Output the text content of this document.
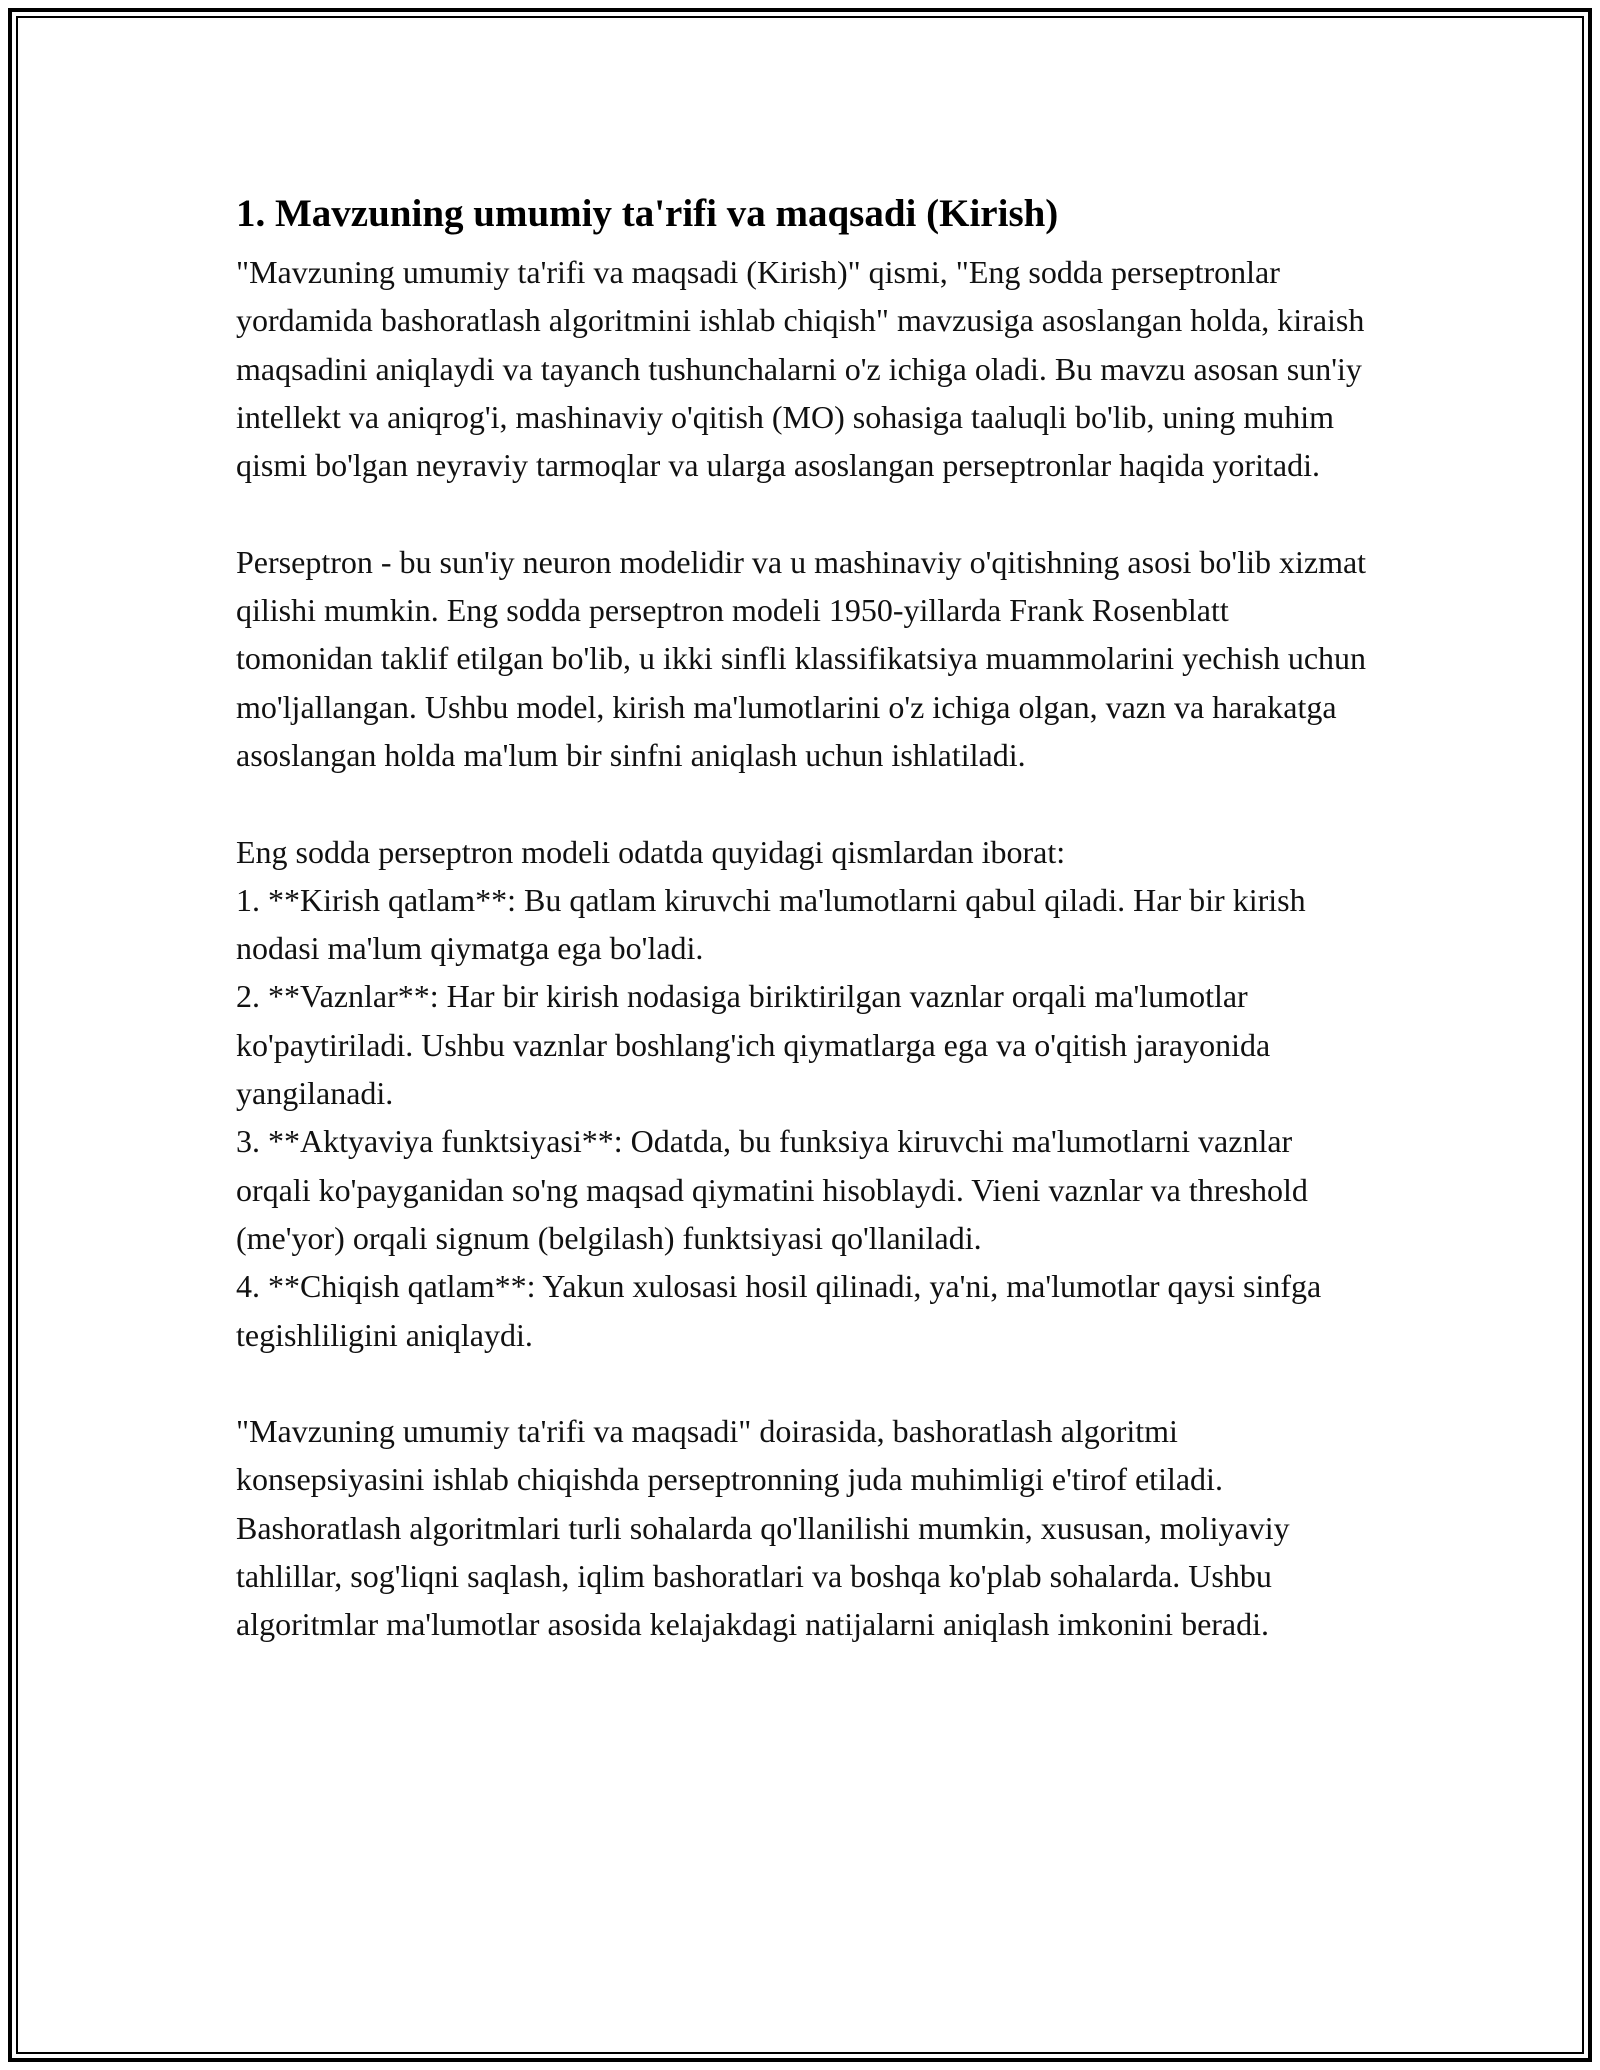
1. Mavzuning umumiy ta'rifi va maqsadi (Kirish)

"Mavzuning umumiy ta'rifi va maqsadi (Kirish)" qismi, "Eng sodda perseptronlar yordamida bashoratlash algoritmini ishlab chiqish" mavzusiga asoslangan holda, kiraish maqsadini aniqlaydi va tayanch tushunchalarni o'z ichiga oladi. Bu mavzu asosan sun'iy intellekt va aniqrog'i, mashinaviy o'qitish (MO) sohasiga taaluqli bo'lib, uning muhim qismi bo'lgan neyraviy tarmoqlar va ularga asoslangan perseptronlar haqida yoritadi.

Perseptron - bu sun'iy neuron modelidir va u mashinaviy o'qitishning asosi bo'lib xizmat qilishi mumkin. Eng sodda perseptron modeli 1950-yillarda Frank Rosenblatt tomonidan taklif etilgan bo'lib, u ikki sinfli klassifikatsiya muammolarini yechish uchun mo'ljallangan. Ushbu model, kirish ma'lumotlarini o'z ichiga olgan, vazn va harakatga asoslangan holda ma'lum bir sinfni aniqlash uchun ishlatiladi.

Eng sodda perseptron modeli odatda quyidagi qismlardan iborat:

1. **Kirish qatlam**: Bu qatlam kiruvchi ma'lumotlarni qabul qiladi. Har bir kirish nodasi ma'lum qiymatga ega bo'ladi.

2. **Vaznlar**: Har bir kirish nodasiga biriktirilgan vaznlar orqali ma'lumotlar ko'paytiriladi. Ushbu vaznlar boshlang'ich qiymatlarga ega va o'qitish jarayonida yangilanadi.

3. **Aktyaviya funktsiyasi**: Odatda, bu funksiya kiruvchi ma'lumotlarni vaznlar orqali ko'payganidan so'ng maqsad qiymatini hisoblaydi. Vieni vaznlar va threshold (me'yor) orqali signum (belgilash) funktsiyasi qo'llaniladi.

4. **Chiqish qatlam**: Yakun xulosasi hosil qilinadi, ya'ni, ma'lumotlar qaysi sinfga tegishliligini aniqlaydi.

"Mavzuning umumiy ta'rifi va maqsadi" doirasida, bashoratlash algoritmi konsepsiyasini ishlab chiqishda perseptronning juda muhimligi e'tirof etiladi. Bashoratlash algoritmlari turli sohalarda qo'llanilishi mumkin, xususan, moliyaviy tahlillar, sog'liqni saqlash, iqlim bashoratlari va boshqa ko'plab sohalarda. Ushbu algoritmlar ma'lumotlar asosida kelajakdagi natijalarni aniqlash imkonini beradi.
